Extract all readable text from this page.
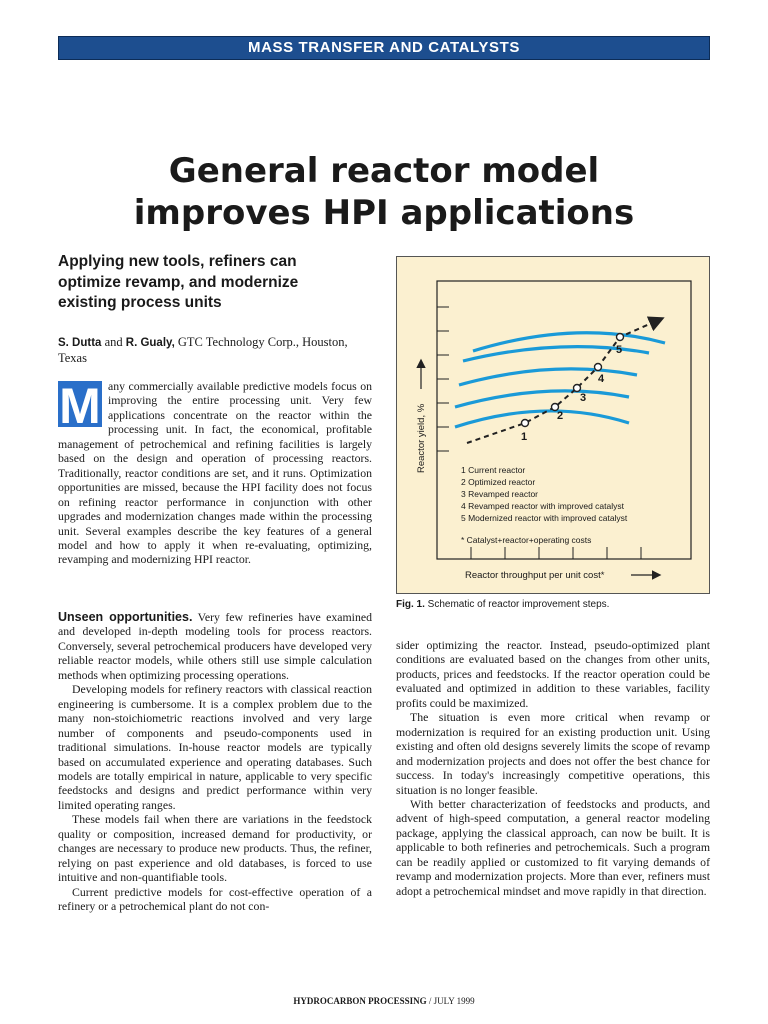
MASS TRANSFER AND CATALYSTS
General reactor model
improves HPI applications
Applying new tools, refiners can optimize revamp, and modernize existing process units
S. Dutta and R. Gualy, GTC Technology Corp., Houston, Texas
M any commercially available predictive models focus on improving the entire processing unit. Very few applications concentrate on the reactor within the processing unit. In fact, the economical, profitable management of petrochemical and refining facilities is largely based on the design and operation of processing reactors. Traditionally, reactor conditions are set, and it runs. Optimization opportunities are missed, because the HPI facility does not focus on refining reactor performance in conjunction with other upgrades and modernization changes made within the processing unit. Several examples describe the key features of a general model and how to apply it when re-evaluating, optimizing, revamping and modernizing HPI reactor.

Unseen opportunities. Very few refineries have examined and developed in-depth modeling tools for process reactors. Conversely, several petrochemical producers have developed very reliable reactor models, while others still use simple calculation methods when optimizing processing operations.

Developing models for refinery reactors with classical reaction engineering is cumbersome. It is a complex problem due to the many non-stoichiometric reactions involved and very large number of components and pseudo-components used in traditional simulations. In-house reactor models are typically based on accumulated experience and operating databases. Such models are totally empirical in nature, applicable to very specific feedstocks and designs and predict performance within very limited operating ranges.

These models fail when there are variations in the feedstock quality or composition, increased demand for productivity, or changes are necessary to produce new products. Thus, the refiner, relying on past experience and old databases, is forced to use intuitive and non-quantifiable tools.

Current predictive models for cost-effective operation of a refinery or a petrochemical plant do not con-

sider optimizing the reactor. Instead, pseudo-optimized plant conditions are evaluated based on the changes from other units, products, prices and feedstocks. If the reactor operation could be evaluated and optimized in addition to these variables, facility profits could be maximized.

The situation is even more critical when revamp or modernization is required for an existing production unit. Using existing and often old designs severely limits the scope of revamp and modernization projects and does not offer the best chance for success. In today's increasingly competitive operations, this situation is no longer feasible.

With better characterization of feedstocks and products, and advent of high-speed computation, a general reactor modeling package, applying the classical approach, can now be built. It is applicable to both refineries and petrochemicals. Such a program can be readily applied or customized to fit varying demands of revamp and modernization projects. More than ever, refiners must adopt a petrochemical mindset and move rapidly in that direction.

1
2
3
4
5
Reactor yield, %	1 Current reactor
2 Optimized reactor
3 Revamped reactor
4 Revamped reactor with improved catalyst
5 Modernized reactor with improved catalyst
* Catalyst+reactor+operating costs
Reactor throughput per unit cost*
Fig. 1. Schematic of reactor improvement steps.
HYDROCARBON PROCESSING / JULY 1999
